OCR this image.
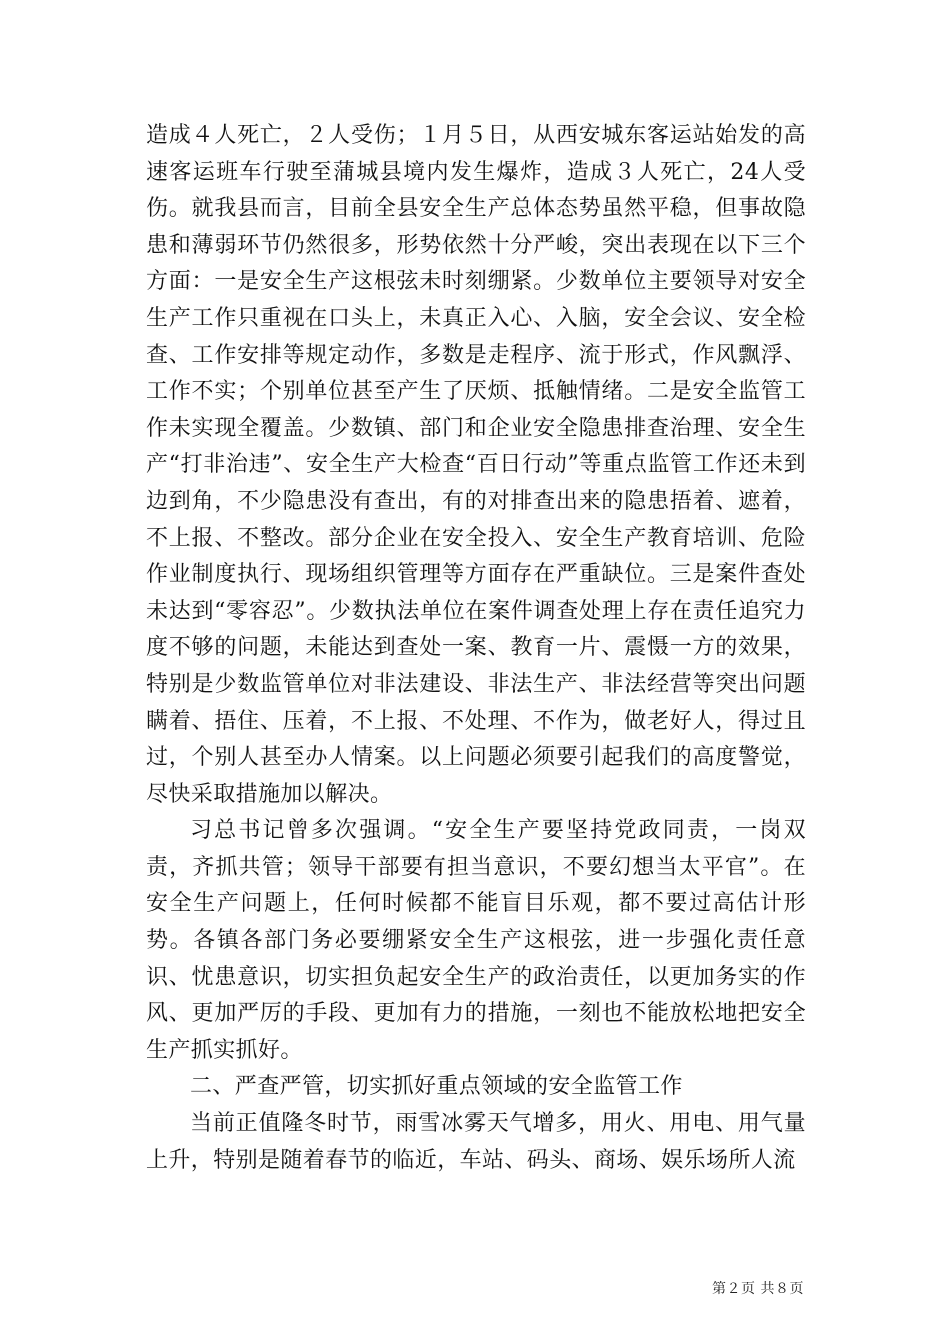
造成４人死亡，２人受伤；１月５日，从西安城东客运站始发的高速客运班车行驶至蒲城县境内发生爆炸，造成３人死亡，24人受伤。就我县而言，目前全县安全生产总体态势虽然平稳，但事故隐患和薄弱环节仍然很多，形势依然十分严峻，突出表现在以下三个方面：一是安全生产这根弦未时刻绷紧。少数单位主要领导对安全生产工作只重视在口头上，未真正入心、入脑，安全会议、安全检查、工作安排等规定动作，多数是走程序、流于形式，作风飘浮、工作不实；个别单位甚至产生了厌烦、抵触情绪。二是安全监管工作未实现全覆盖。少数镇、部门和企业安全隐患排查治理、安全生产“打非治违”、安全生产大检查“百日行动”等重点监管工作还未到边到角，不少隐患没有查出，有的对排查出来的隐患捂着、遮着，不上报、不整改。部分企业在安全投入、安全生产教育培训、危险作业制度执行、现场组织管理等方面存在严重缺位。三是案件查处未达到“零容忍”。少数执法单位在案件调查处理上存在责任追究力度不够的问题，未能达到查处一案、教育一片、震慑一方的效果，特别是少数监管单位对非法建设、非法生产、非法经营等突出问题瞒着、捂住、压着，不上报、不处理、不作为，做老好人，得过且过，个别人甚至办人情案。以上问题必须要引起我们的高度警觉，尽快采取措施加以解决。

习总书记曾多次强调。“安全生产要坚持党政同责，一岗双责，齐抓共管；领导干部要有担当意识，不要幻想当太平官”。在安全生产问题上，任何时候都不能盲目乐观，都不要过高估计形势。各镇各部门务必要绷紧安全生产这根弦，进一步强化责任意识、忧患意识，切实担负起安全生产的政治责任，以更加务实的作风、更加严厉的手段、更加有力的措施，一刻也不能放松地把安全生产抓实抓好。

二、严查严管，切实抓好重点领域的安全监管工作

当前正值隆冬时节，雨雪冰雾天气增多，用火、用电、用气量上升，特别是随着春节的临近，车站、码头、商场、娱乐场所人流

第２页 共８页
